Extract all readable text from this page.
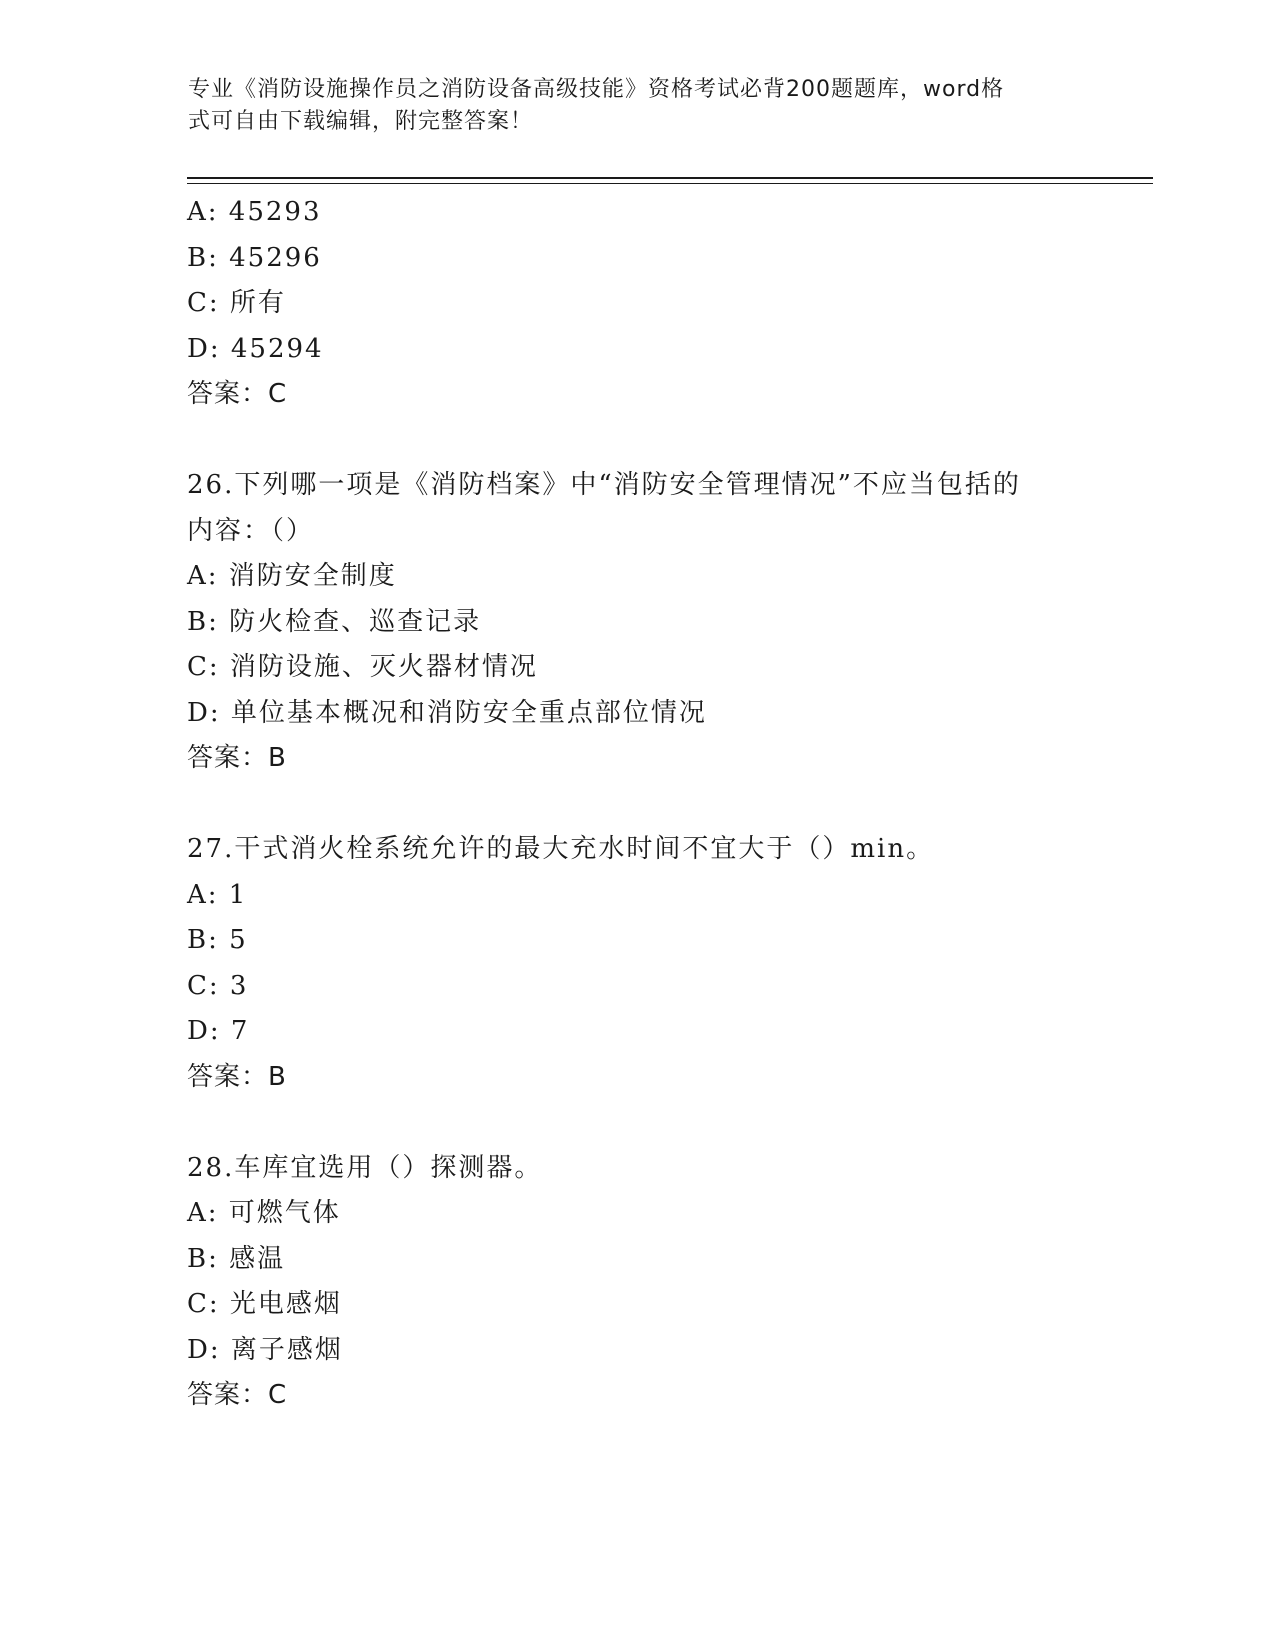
专业《消防设施操作员之消防设备高级技能》资格考试必背200题题库，word格
式可自由下载编辑，附完整答案！
A: 45293
B: 45296
C: 所有
D: 45294
答案：C
26.下列哪一项是《消防档案》中“消防安全管理情况”不应当包括的
内容：（）
A: 消防安全制度
B: 防火检查、巡查记录
C: 消防设施、灭火器材情况
D: 单位基本概况和消防安全重点部位情况
答案：B
27.干式消火栓系统允许的最大充水时间不宜大于（）min。
A: 1
B: 5
C: 3
D: 7
答案：B
28.车库宜选用（）探测器。
A: 可燃气体
B: 感温
C: 光电感烟
D: 离子感烟
答案：C
